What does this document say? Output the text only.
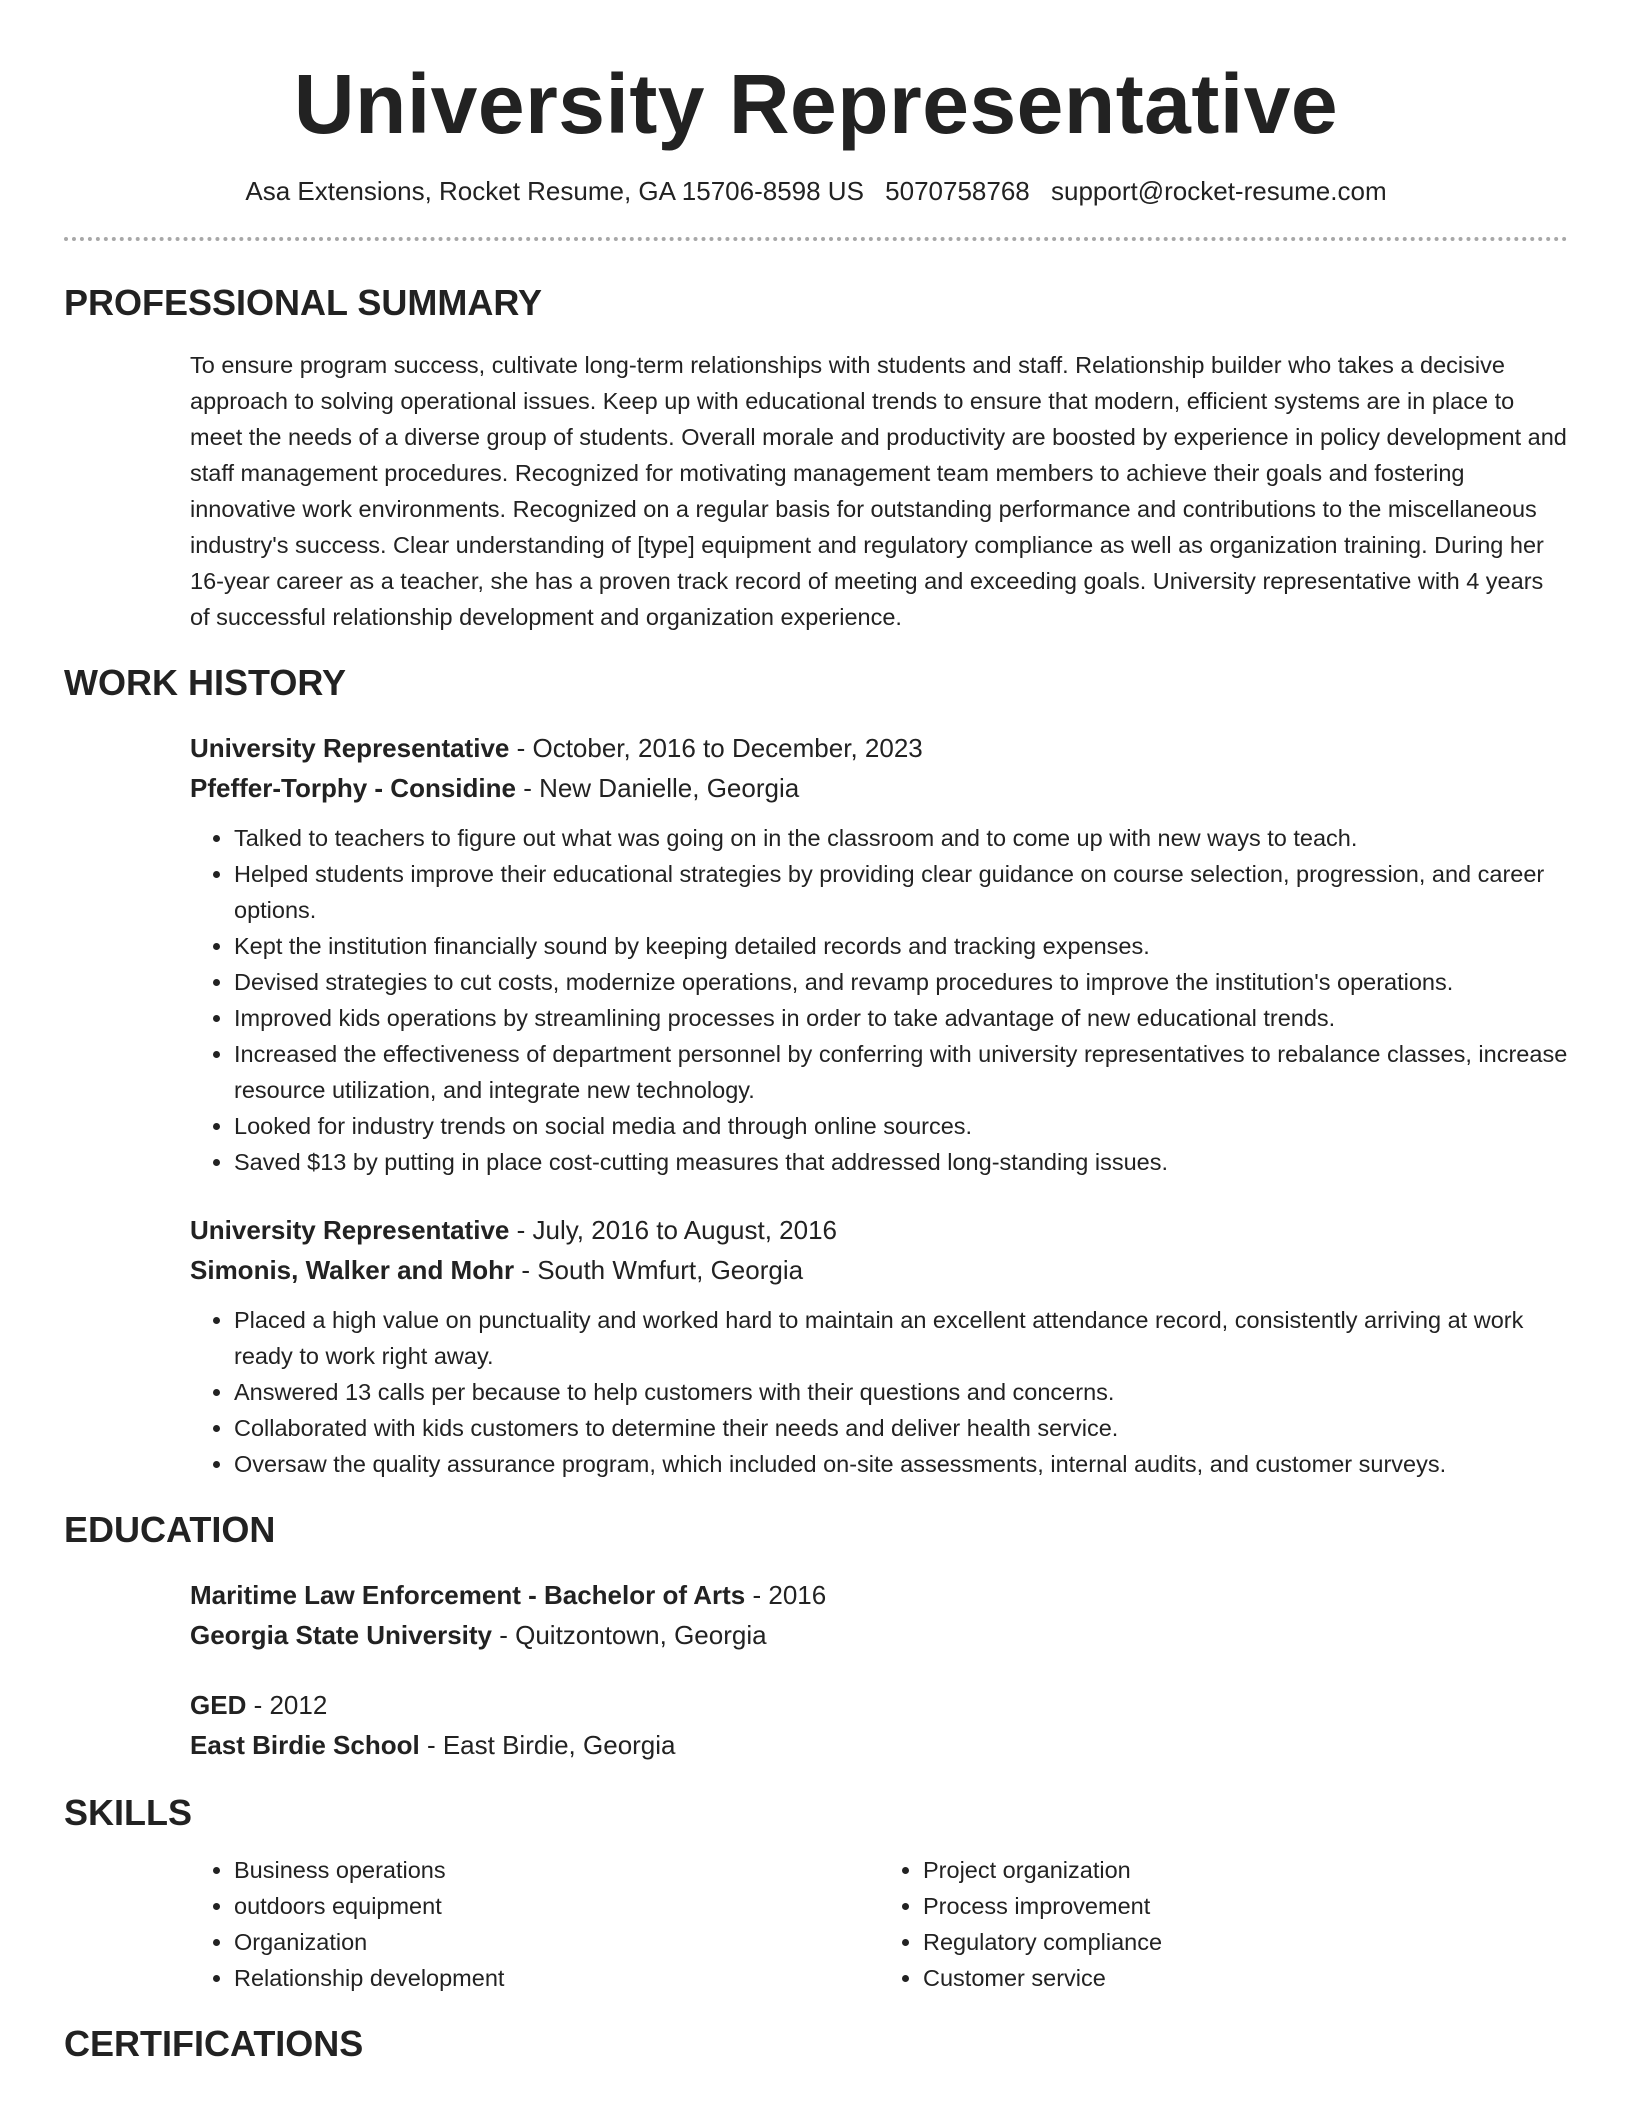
University Representative
Asa Extensions, Rocket Resume, GA 15706-8598 US 5070758768 support@rocket-resume.com
PROFESSIONAL SUMMARY

To ensure program success, cultivate long-term relationships with students and staff. Relationship builder who takes a decisive approach to solving operational issues. Keep up with educational trends to ensure that modern, efficient systems are in place to meet the needs of a diverse group of students. Overall morale and productivity are boosted by experience in policy development and staff management procedures. Recognized for motivating management team members to achieve their goals and fostering innovative work environments. Recognized on a regular basis for outstanding performance and contributions to the miscellaneous industry's success. Clear understanding of [type] equipment and regulatory compliance as well as organization training. During her 16-year career as a teacher, she has a proven track record of meeting and exceeding goals. University representative with 4 years of successful relationship development and organization experience.

WORK HISTORY

University Representative - October, 2016 to December, 2023

Pfeffer-Torphy - Considine - New Danielle, Georgia

• Talked to teachers to figure out what was going on in the classroom and to come up with new ways to teach.
• Helped students improve their educational strategies by providing clear guidance on course selection, progression, and career options.
• Kept the institution financially sound by keeping detailed records and tracking expenses.
• Devised strategies to cut costs, modernize operations, and revamp procedures to improve the institution's operations.
• Improved kids operations by streamlining processes in order to take advantage of new educational trends.
• Increased the effectiveness of department personnel by conferring with university representatives to rebalance classes, increase resource utilization, and integrate new technology.
• Looked for industry trends on social media and through online sources.
• Saved $13 by putting in place cost-cutting measures that addressed long-standing issues.

University Representative - July, 2016 to August, 2016

Simonis, Walker and Mohr - South Wmfurt, Georgia

• Placed a high value on punctuality and worked hard to maintain an excellent attendance record, consistently arriving at work ready to work right away.
• Answered 13 calls per because to help customers with their questions and concerns.
• Collaborated with kids customers to determine their needs and deliver health service.
• Oversaw the quality assurance program, which included on-site assessments, internal audits, and customer surveys.
EDUCATION

Maritime Law Enforcement - Bachelor of Arts - 2016

Georgia State University - Quitzontown, Georgia

GED - 2012

East Birdie School - East Birdie, Georgia

SKILLS
• Business operations
• outdoors equipment
• Organization
• Relationship development
• Project organization
• Process improvement
• Regulatory compliance
• Customer service
CERTIFICATIONS
